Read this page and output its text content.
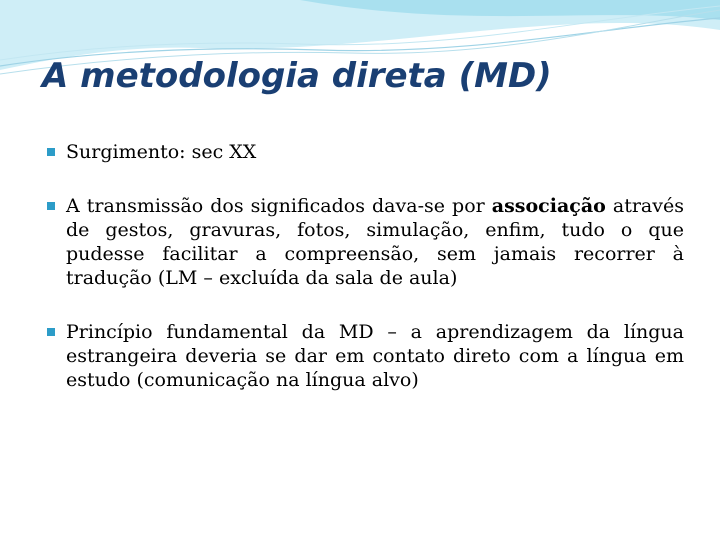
A metodologia direta (MD)
Surgimento: sec XX
A transmissão dos significados dava-se por associação através de gestos, gravuras, fotos, simulação, enfim, tudo o que pudesse facilitar a compreensão, sem jamais recorrer à tradução (LM – excluída da sala de aula)
Princípio fundamental da MD – a aprendizagem da língua estrangeira deveria se dar em contato direto com a língua em estudo (comunicação na língua alvo)
